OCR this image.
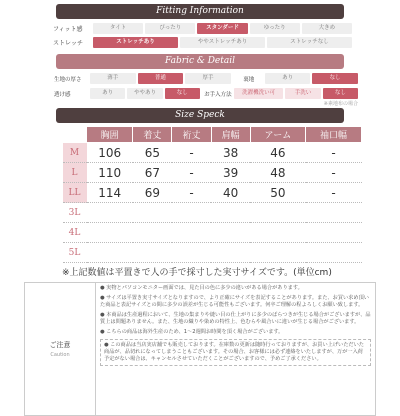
Fitting Information
フィット感	タイト	ぴったり	スタンダード	ゆったり	大きめ
ストレッチ	ストレッチあり	ややストレッチあり	ストレッチなし
Fabric & Detail
生地の厚さ	薄手	普通	厚手	裏地	あり	なし
透け感	あり	ややあり	なし	お手入方法	洗濯機洗い可	手洗い	なし
※素地布の場合
Size Speck
	胸囲	着丈	裄丈	肩幅	アーム	袖口幅
M	106	65	-	38	46	-
L	110	67	-	39	48	-
LL	114	69	-	40	50	-
3L						
4L						
5L						
※上記数値は平置きで人の手で採寸した実寸サイズです。(単位cm)
ご注意
Caution

● 実物とパソコンモニター画面では、見た目の色に多少の違いがある場合があります。

● サイズは平置き実寸サイズとなりますので、より正確にサイズを表記することがあります。また、お買い求め頂いた商品と表記サイズとの間に多少の誤差が生じる可能性もございます。何卒ご理解の程よろしくお願い致します。

● 本商品は生産過程において、生地の集まりや縫い目の仕上がりに多少のばらつきが生じる場合がございますが、品質上は問題ありません。また、生地の織りや染めの特性上、色むらや風合いに違いが生じる場合がございます。

● こちらの商品は海外生産のため、1〜2週間お時間を頂く場合がございます。

● この商品は当店実店舗でも販売しております。在庫数の更新は随時行っておりますが、お買い上げいただいた商品が、品切れになってしまうこともございます。その場合、お客様には必ず連絡をいたしますが、万が一入荷予定がない場合は、キャンセルさせていただくことがございますので、予めご了承ください。
